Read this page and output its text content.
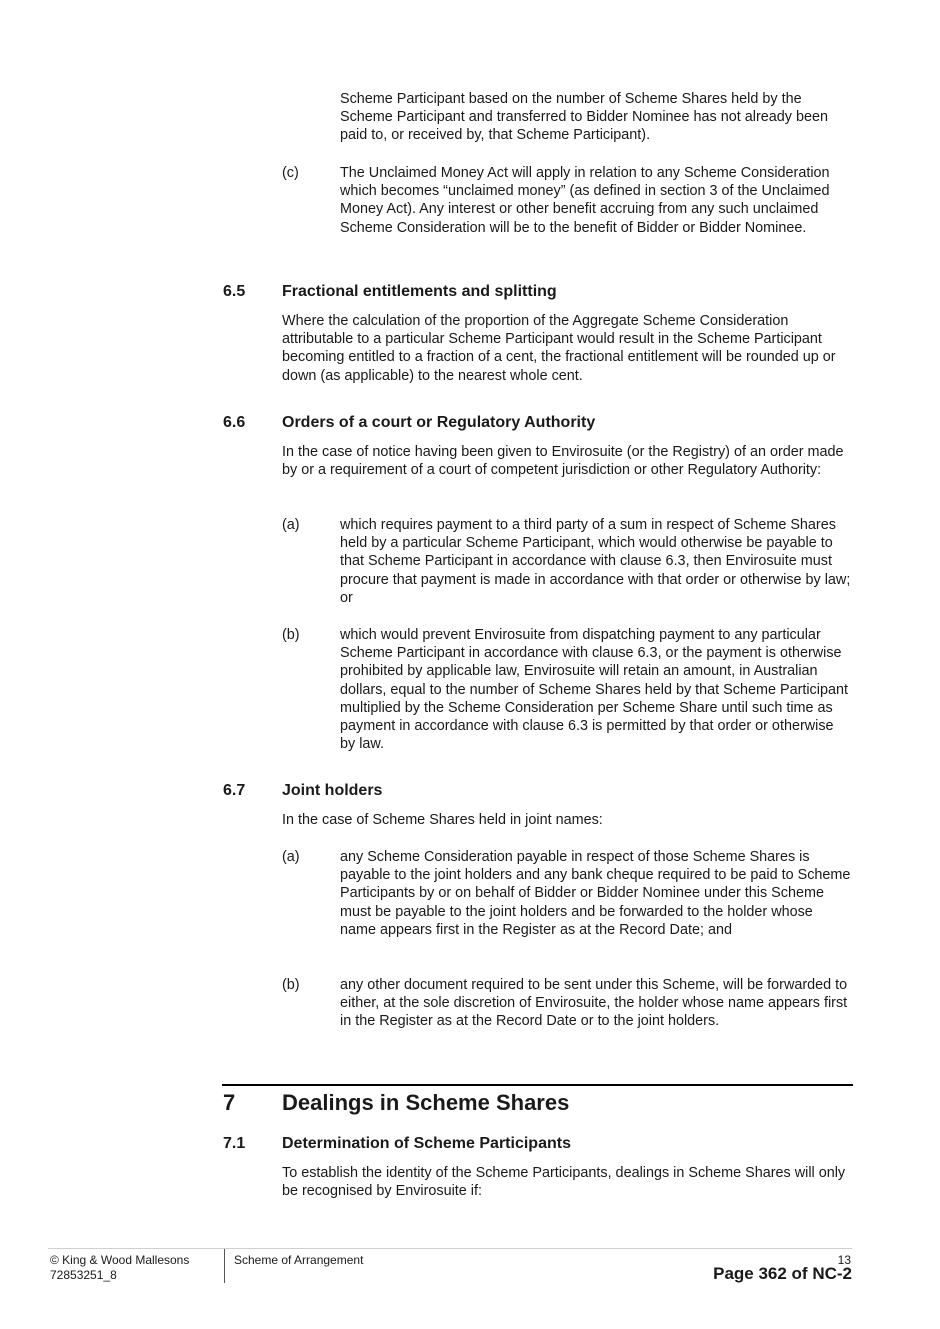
Scheme Participant based on the number of Scheme Shares held by the Scheme Participant and transferred to Bidder Nominee has not already been paid to, or received by, that Scheme Participant).

(c)	The Unclaimed Money Act will apply in relation to any Scheme Consideration which becomes “unclaimed money” (as defined in section 3 of the Unclaimed Money Act). Any interest or other benefit accruing from any such unclaimed Scheme Consideration will be to the benefit of Bidder or Bidder Nominee.

6.5 Fractional entitlements and splitting

Where the calculation of the proportion of the Aggregate Scheme Consideration attributable to a particular Scheme Participant would result in the Scheme Participant becoming entitled to a fraction of a cent, the fractional entitlement will be rounded up or down (as applicable) to the nearest whole cent.

6.6 Orders of a court or Regulatory Authority

In the case of notice having been given to Envirosuite (or the Registry) of an order made by or a requirement of a court of competent jurisdiction or other Regulatory Authority:

(a)	which requires payment to a third party of a sum in respect of Scheme Shares held by a particular Scheme Participant, which would otherwise be payable to that Scheme Participant in accordance with clause 6.3, then Envirosuite must procure that payment is made in accordance with that order or otherwise by law; or

(b)	which would prevent Envirosuite from dispatching payment to any particular Scheme Participant in accordance with clause 6.3, or the payment is otherwise prohibited by applicable law, Envirosuite will retain an amount, in Australian dollars, equal to the number of Scheme Shares held by that Scheme Participant multiplied by the Scheme Consideration per Scheme Share until such time as payment in accordance with clause 6.3 is permitted by that order or otherwise by law.

6.7 Joint holders

In the case of Scheme Shares held in joint names:

(a)	any Scheme Consideration payable in respect of those Scheme Shares is payable to the joint holders and any bank cheque required to be paid to Scheme Participants by or on behalf of Bidder or Bidder Nominee under this Scheme must be payable to the joint holders and be forwarded to the holder whose name appears first in the Register as at the Record Date; and

(b)	any other document required to be sent under this Scheme, will be forwarded to either, at the sole discretion of Envirosuite, the holder whose name appears first in the Register as at the Record Date or to the joint holders.

7 Dealings in Scheme Shares

7.1 Determination of Scheme Participants

To establish the identity of the Scheme Participants, dealings in Scheme Shares will only be recognised by Envirosuite if:

© King & Wood Mallesons

72853251_8

Scheme of Arrangement	13

Page 362 of NC-2
